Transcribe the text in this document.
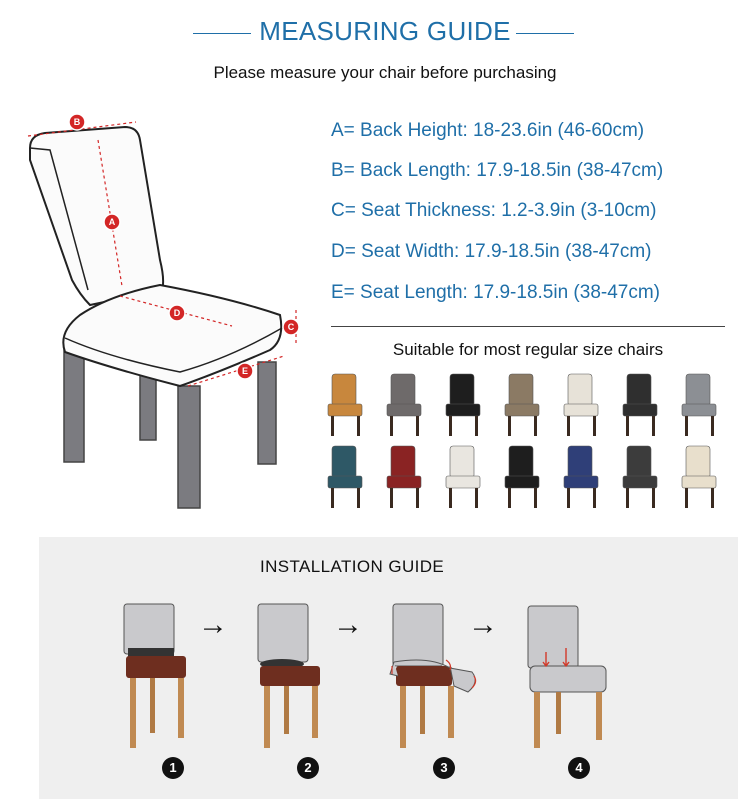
MEASURING GUIDE
Please measure your chair before purchasing
B
A
D
C
E
A= Back Height: 18-23.6in (46-60cm)
B= Back Length: 17.9-18.5in (38-47cm)
C= Seat Thickness: 1.2-3.9in (3-10cm)
D= Seat Width: 17.9-18.5in (38-47cm)
E= Seat Length: 17.9-18.5in (38-47cm)
Suitable for most regular size chairs
INSTALLATION GUIDE
→	→	→
1	2	3	4
